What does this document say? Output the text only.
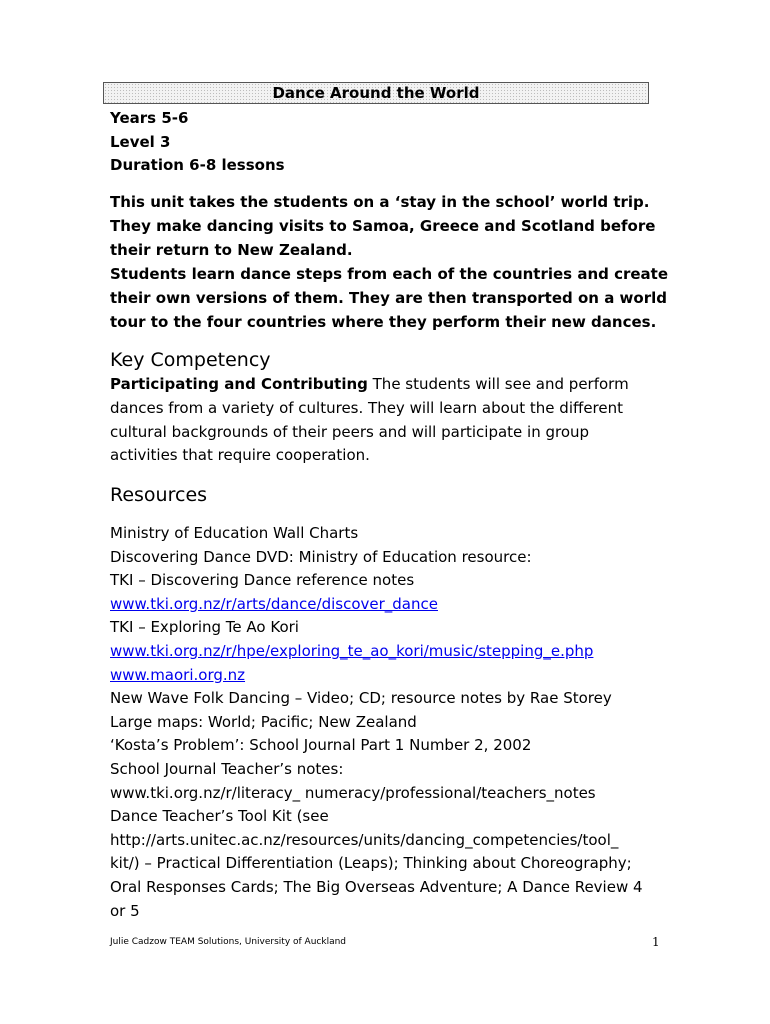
Dance Around the World
Years 5-6
Level 3
Duration 6-8 lessons
This unit takes the students on a ‘stay in the school’ world trip.
They make dancing visits to Samoa, Greece and Scotland before
their return to New Zealand.
Students learn dance steps from each of the countries and create
their own versions of them. They are then transported on a world
tour to the four countries where they perform their new dances.
Key Competency
Participating and Contributing The students will see and perform
dances from a variety of cultures. They will learn about the different
cultural backgrounds of their peers and will participate in group
activities that require cooperation.
Resources
Ministry of Education Wall Charts
Discovering Dance DVD: Ministry of Education resource:
TKI – Discovering Dance reference notes
www.tki.org.nz/r/arts/dance/discover_dance
TKI – Exploring Te Ao Kori
www.tki.org.nz/r/hpe/exploring_te_ao_kori/music/stepping_e.php
www.maori.org.nz
New Wave Folk Dancing – Video; CD; resource notes by Rae Storey
Large maps: World; Pacific; New Zealand
‘Kosta’s Problem’: School Journal Part 1 Number 2, 2002
School Journal Teacher’s notes:
www.tki.org.nz/r/literacy_ numeracy/professional/teachers_notes
Dance Teacher’s Tool Kit (see
http://arts.unitec.ac.nz/resources/units/dancing_competencies/tool_
kit/) – Practical Differentiation (Leaps); Thinking about Choreography;
Oral Responses Cards; The Big Overseas Adventure; A Dance Review 4
or 5
Julie Cadzow TEAM Solutions, University of Auckland	1
